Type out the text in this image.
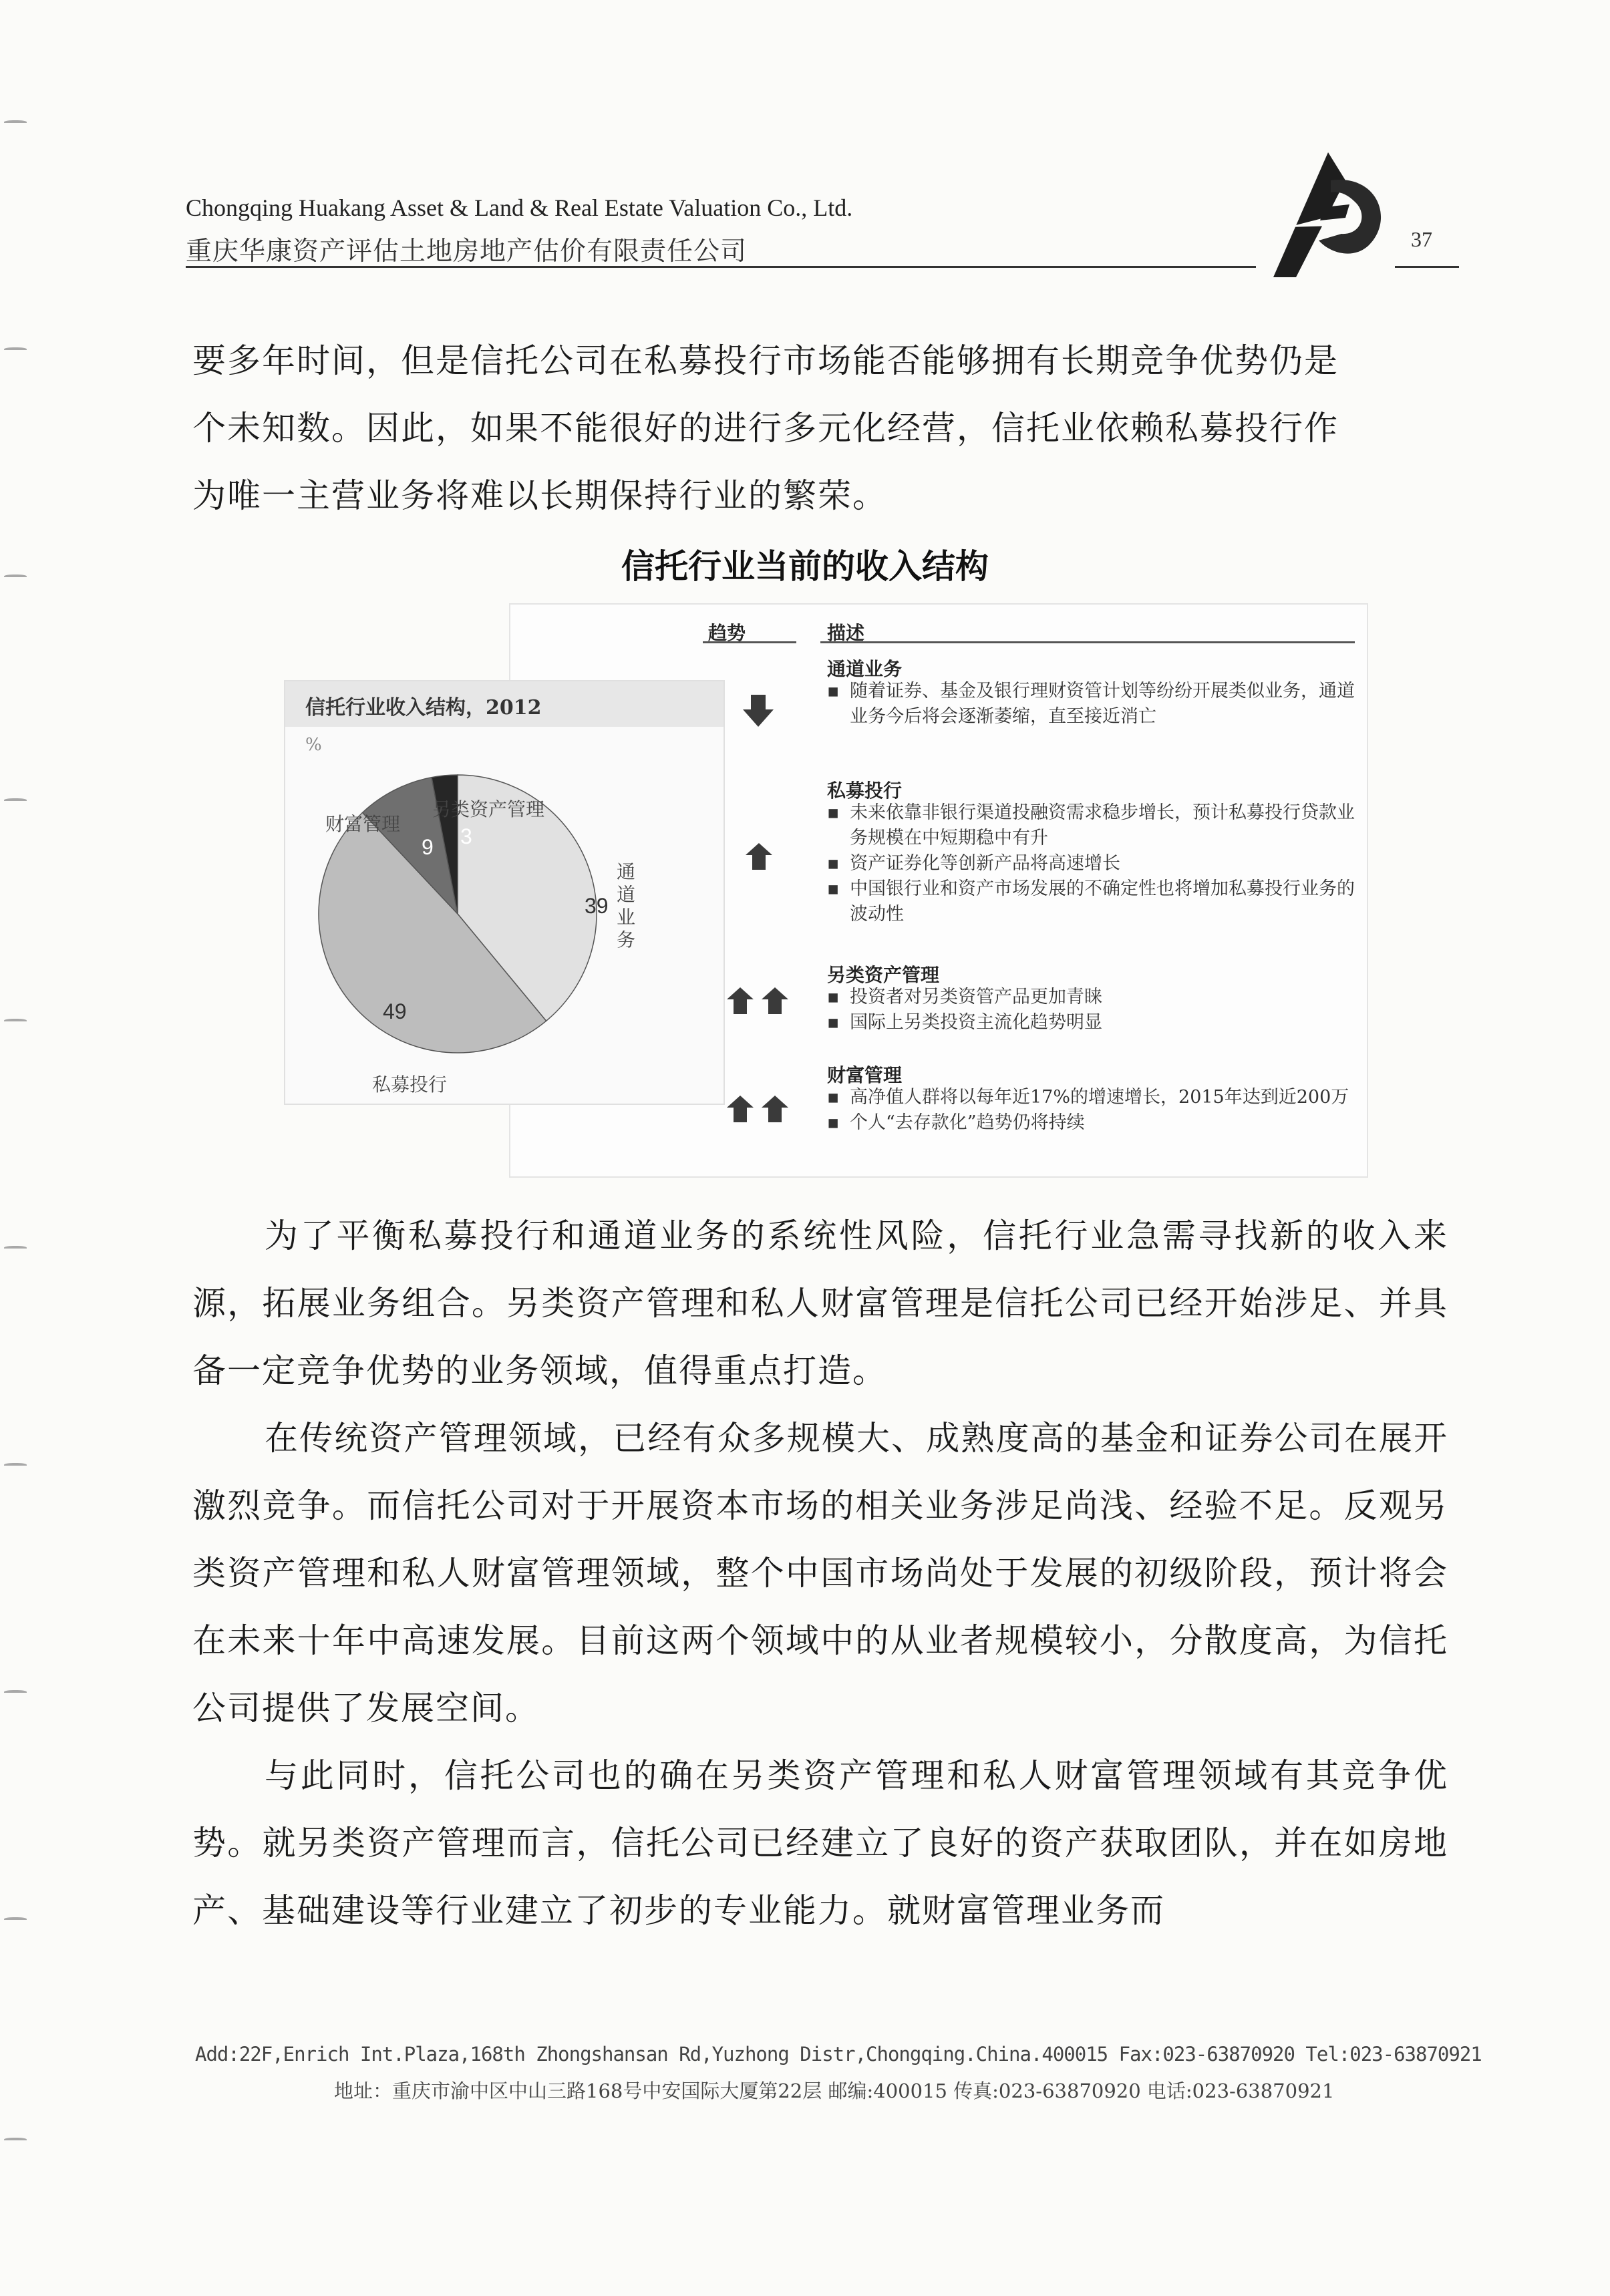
Chongqing Huakang Asset & Land & Real Estate Valuation Co., Ltd.
重庆华康资产评估土地房地产估价有限责任公司	37

要多年时间，但是信托公司在私募投行市场能否能够拥有长期竞争优势仍是

个未知数。因此，如果不能很好的进行多元化经营，信托业依赖私募投行作

为唯一主营业务将难以长期保持行业的繁荣。

信托行业当前的收入结构
信托行业收入结构，2012
%
通道业务
私募投行
财富管理
另类资产管理
39
49
9 3
趋势	描述
通道业务
▪ 随着证券、基金及银行理财资管计划等纷纷开展类似业务，通道业务今后将会逐渐萎缩，直至接近消亡
私募投行
▪ 未来依靠非银行渠道投融资需求稳步增长，预计私募投行贷款业务规模在中短期稳中有升
▪ 资产证券化等创新产品将高速增长
▪ 中国银行业和资产市场发展的不确定性也将增加私募投行业务的波动性
另类资产管理
▪ 投资者对另类资管产品更加青睐
▪ 国际上另类投资主流化趋势明显
财富管理
▪ 高净值人群将以每年近17%的增速增长，2015年达到近200万
▪ 个人“去存款化”趋势仍将持续

为了平衡私募投行和通道业务的系统性风险，信托行业急需寻找新的收入来源，拓展业务组合。另类资产管理和私人财富管理是信托公司已经开始涉足、并具备一定竞争优势的业务领域，值得重点打造。

在传统资产管理领域，已经有众多规模大、成熟度高的基金和证券公司在展开激烈竞争。而信托公司对于开展资本市场的相关业务涉足尚浅、经验不足。反观另类资产管理和私人财富管理领域，整个中国市场尚处于发展的初级阶段，预计将会在未来十年中高速发展。目前这两个领域中的从业者规模较小，分散度高，为信托公司提供了发展空间。

与此同时，信托公司也的确在另类资产管理和私人财富管理领域有其竞争优势。就另类资产管理而言，信托公司已经建立了良好的资产获取团队，并在如房地产、基础建设等行业建立了初步的专业能力。就财富管理业务而

Add:22F,Enrich Int.Plaza,168th Zhongshansan Rd,Yuzhong Distr,Chongqing.China.400015 Fax:023-63870920 Tel:023-63870921
地址：重庆市渝中区中山三路168号中安国际大厦第22层 邮编:400015 传真:023-63870920 电话:023-63870921
